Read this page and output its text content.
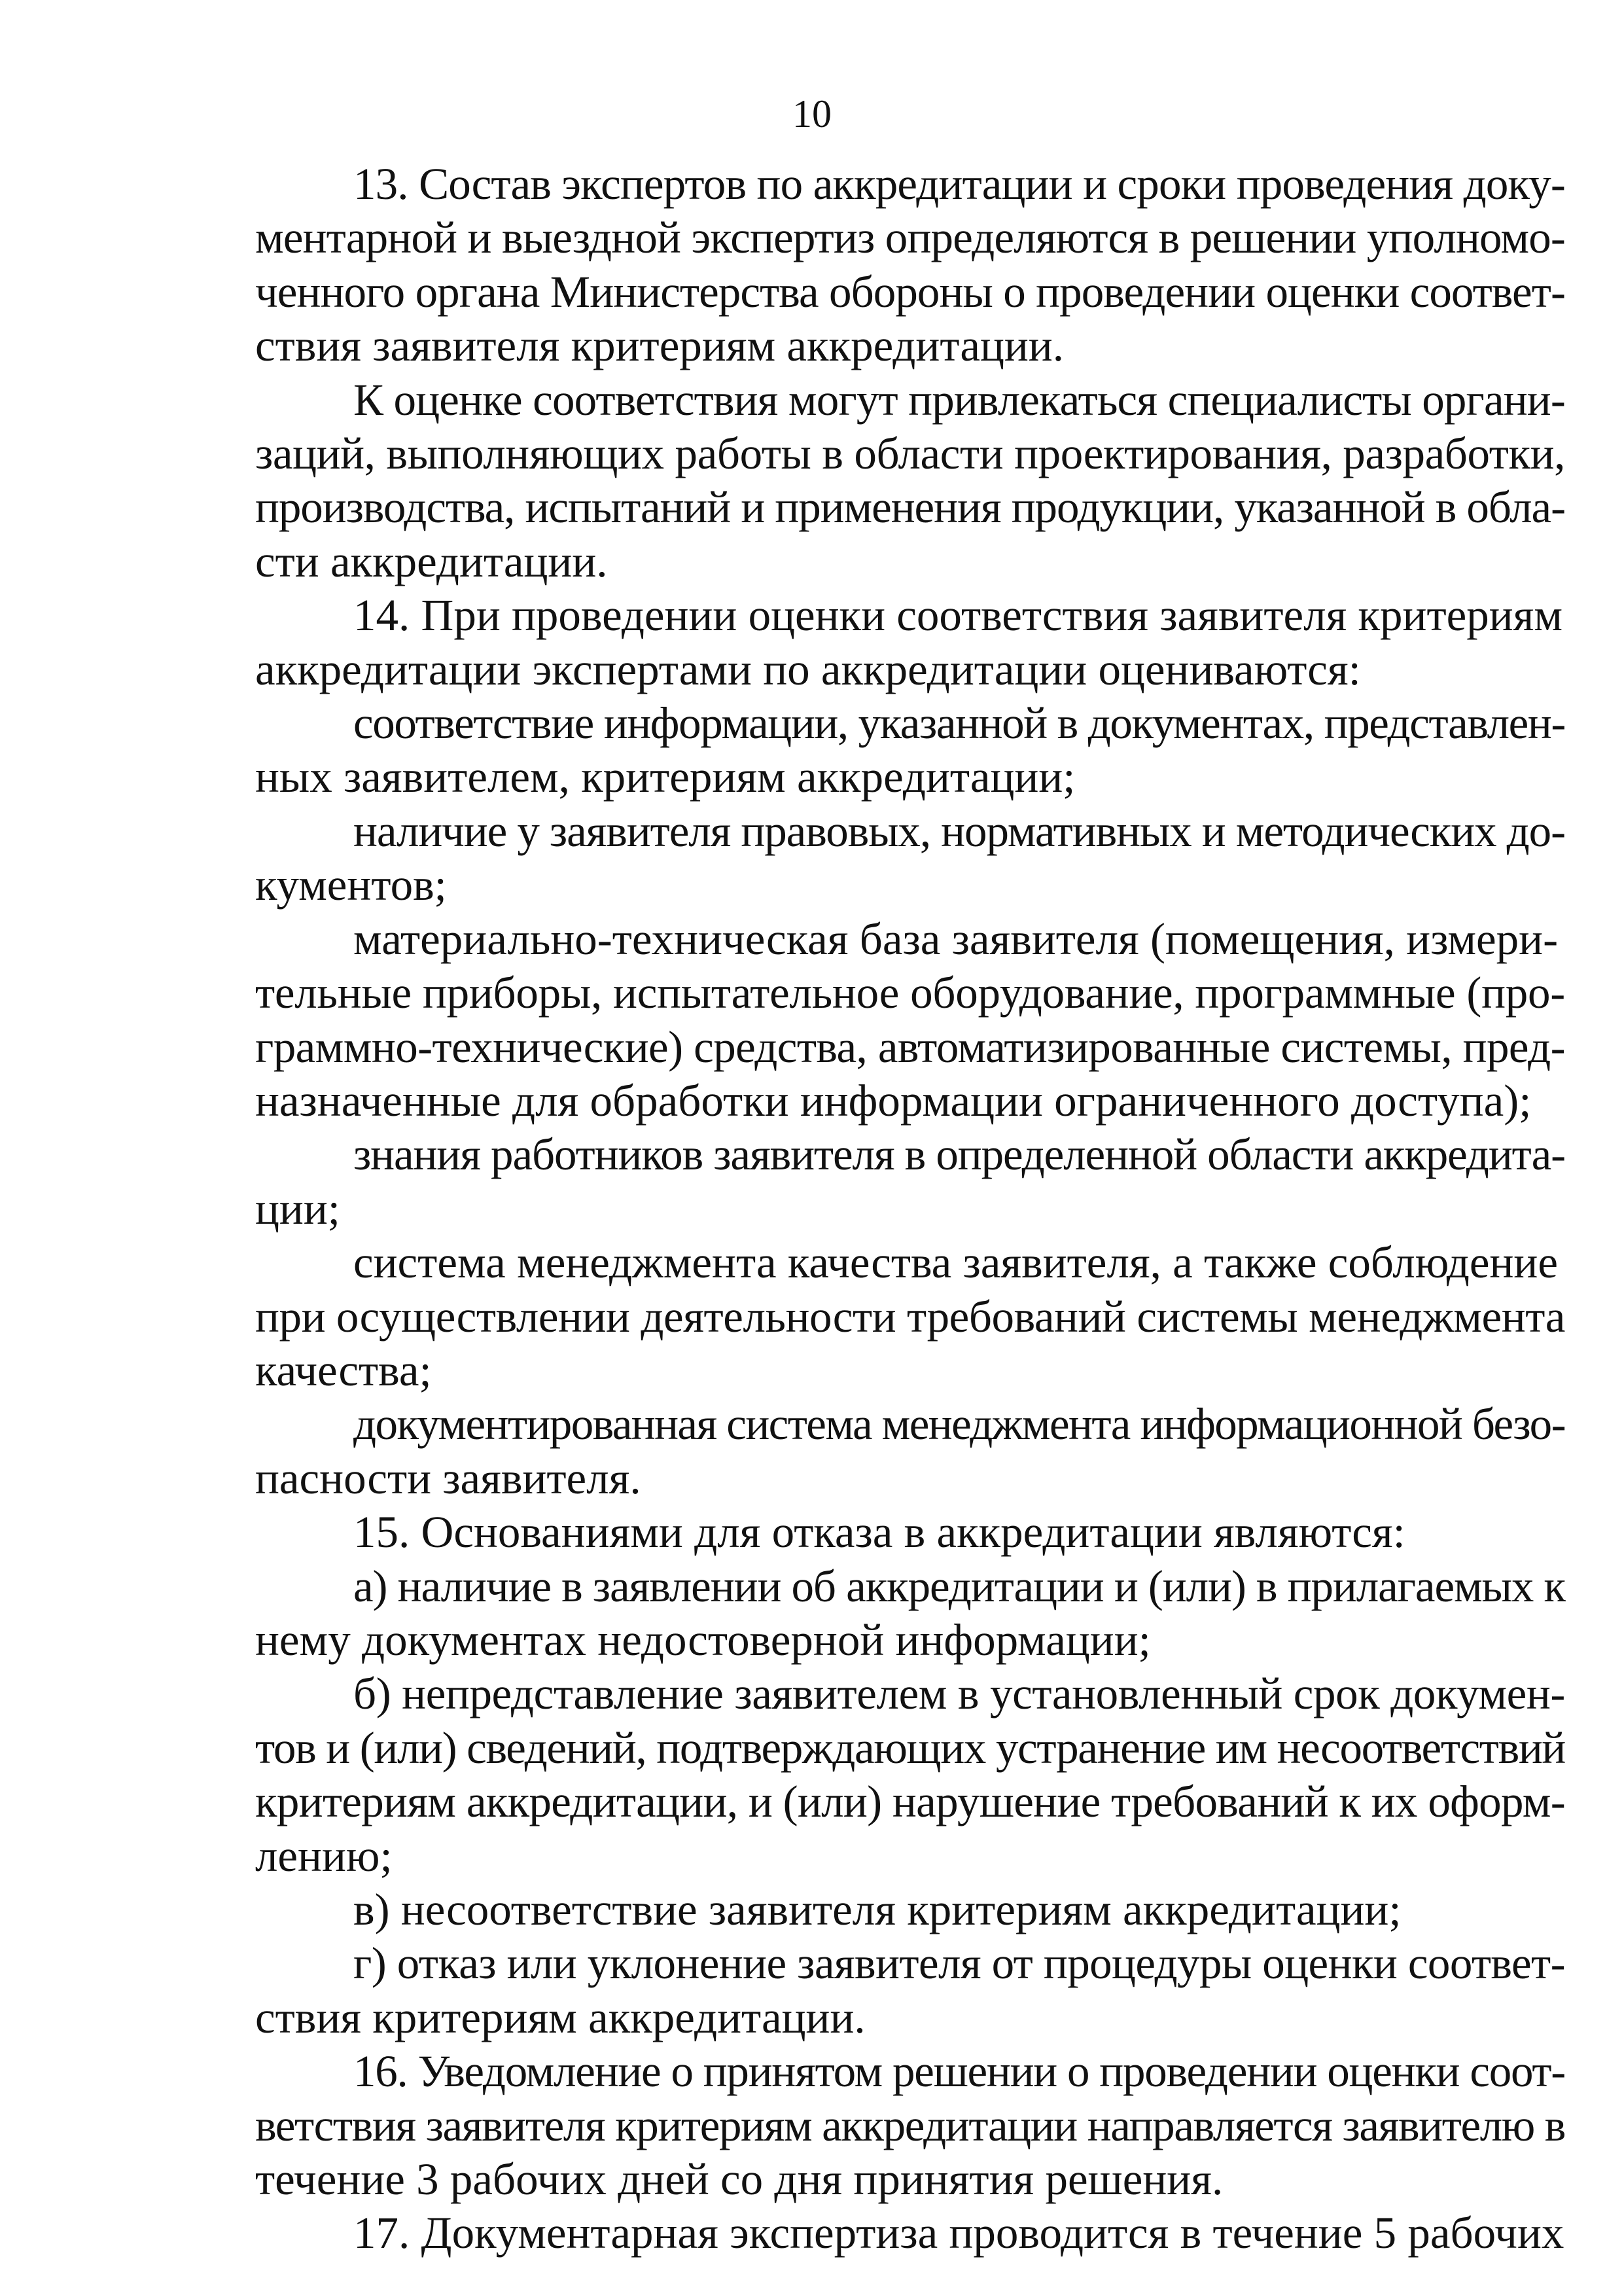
10
13. Состав экспертов по аккредитации и сроки проведения доку-
ментарной и выездной экспертиз определяются в решении уполномо-
ченного органа Министерства обороны о проведении оценки соответ-
ствия заявителя критериям аккредитации.
К оценке соответствия могут привлекаться специалисты органи-
заций, выполняющих работы в области проектирования, разработки,
производства, испытаний и применения продукции, указанной в обла-
сти аккредитации.
14. При проведении оценки соответствия заявителя критериям
аккредитации экспертами по аккредитации оцениваются:
соответствие информации, указанной в документах, представлен-
ных заявителем, критериям аккредитации;
наличие у заявителя правовых, нормативных и методических до-
кументов;
материально-техническая база заявителя (помещения, измери-
тельные приборы, испытательное оборудование, программные (про-
граммно-технические) средства, автоматизированные системы, пред-
назначенные для обработки информации ограниченного доступа);
знания работников заявителя в определенной области аккредита-
ции;
система менеджмента качества заявителя, а также соблюдение
при осуществлении деятельности требований системы менеджмента
качества;
документированная система менеджмента информационной безо-
пасности заявителя.
15. Основаниями для отказа в аккредитации являются:
а) наличие в заявлении об аккредитации и (или) в прилагаемых к
нему документах недостоверной информации;
б) непредставление заявителем в установленный срок докумен-
тов и (или) сведений, подтверждающих устранение им несоответствий
критериям аккредитации, и (или) нарушение требований к их оформ-
лению;
в) несоответствие заявителя критериям аккредитации;
г) отказ или уклонение заявителя от процедуры оценки соответ-
ствия критериям аккредитации.
16. Уведомление о принятом решении о проведении оценки соот-
ветствия заявителя критериям аккредитации направляется заявителю в
течение 3 рабочих дней со дня принятия решения.
17. Документарная экспертиза проводится в течение 5 рабочих
